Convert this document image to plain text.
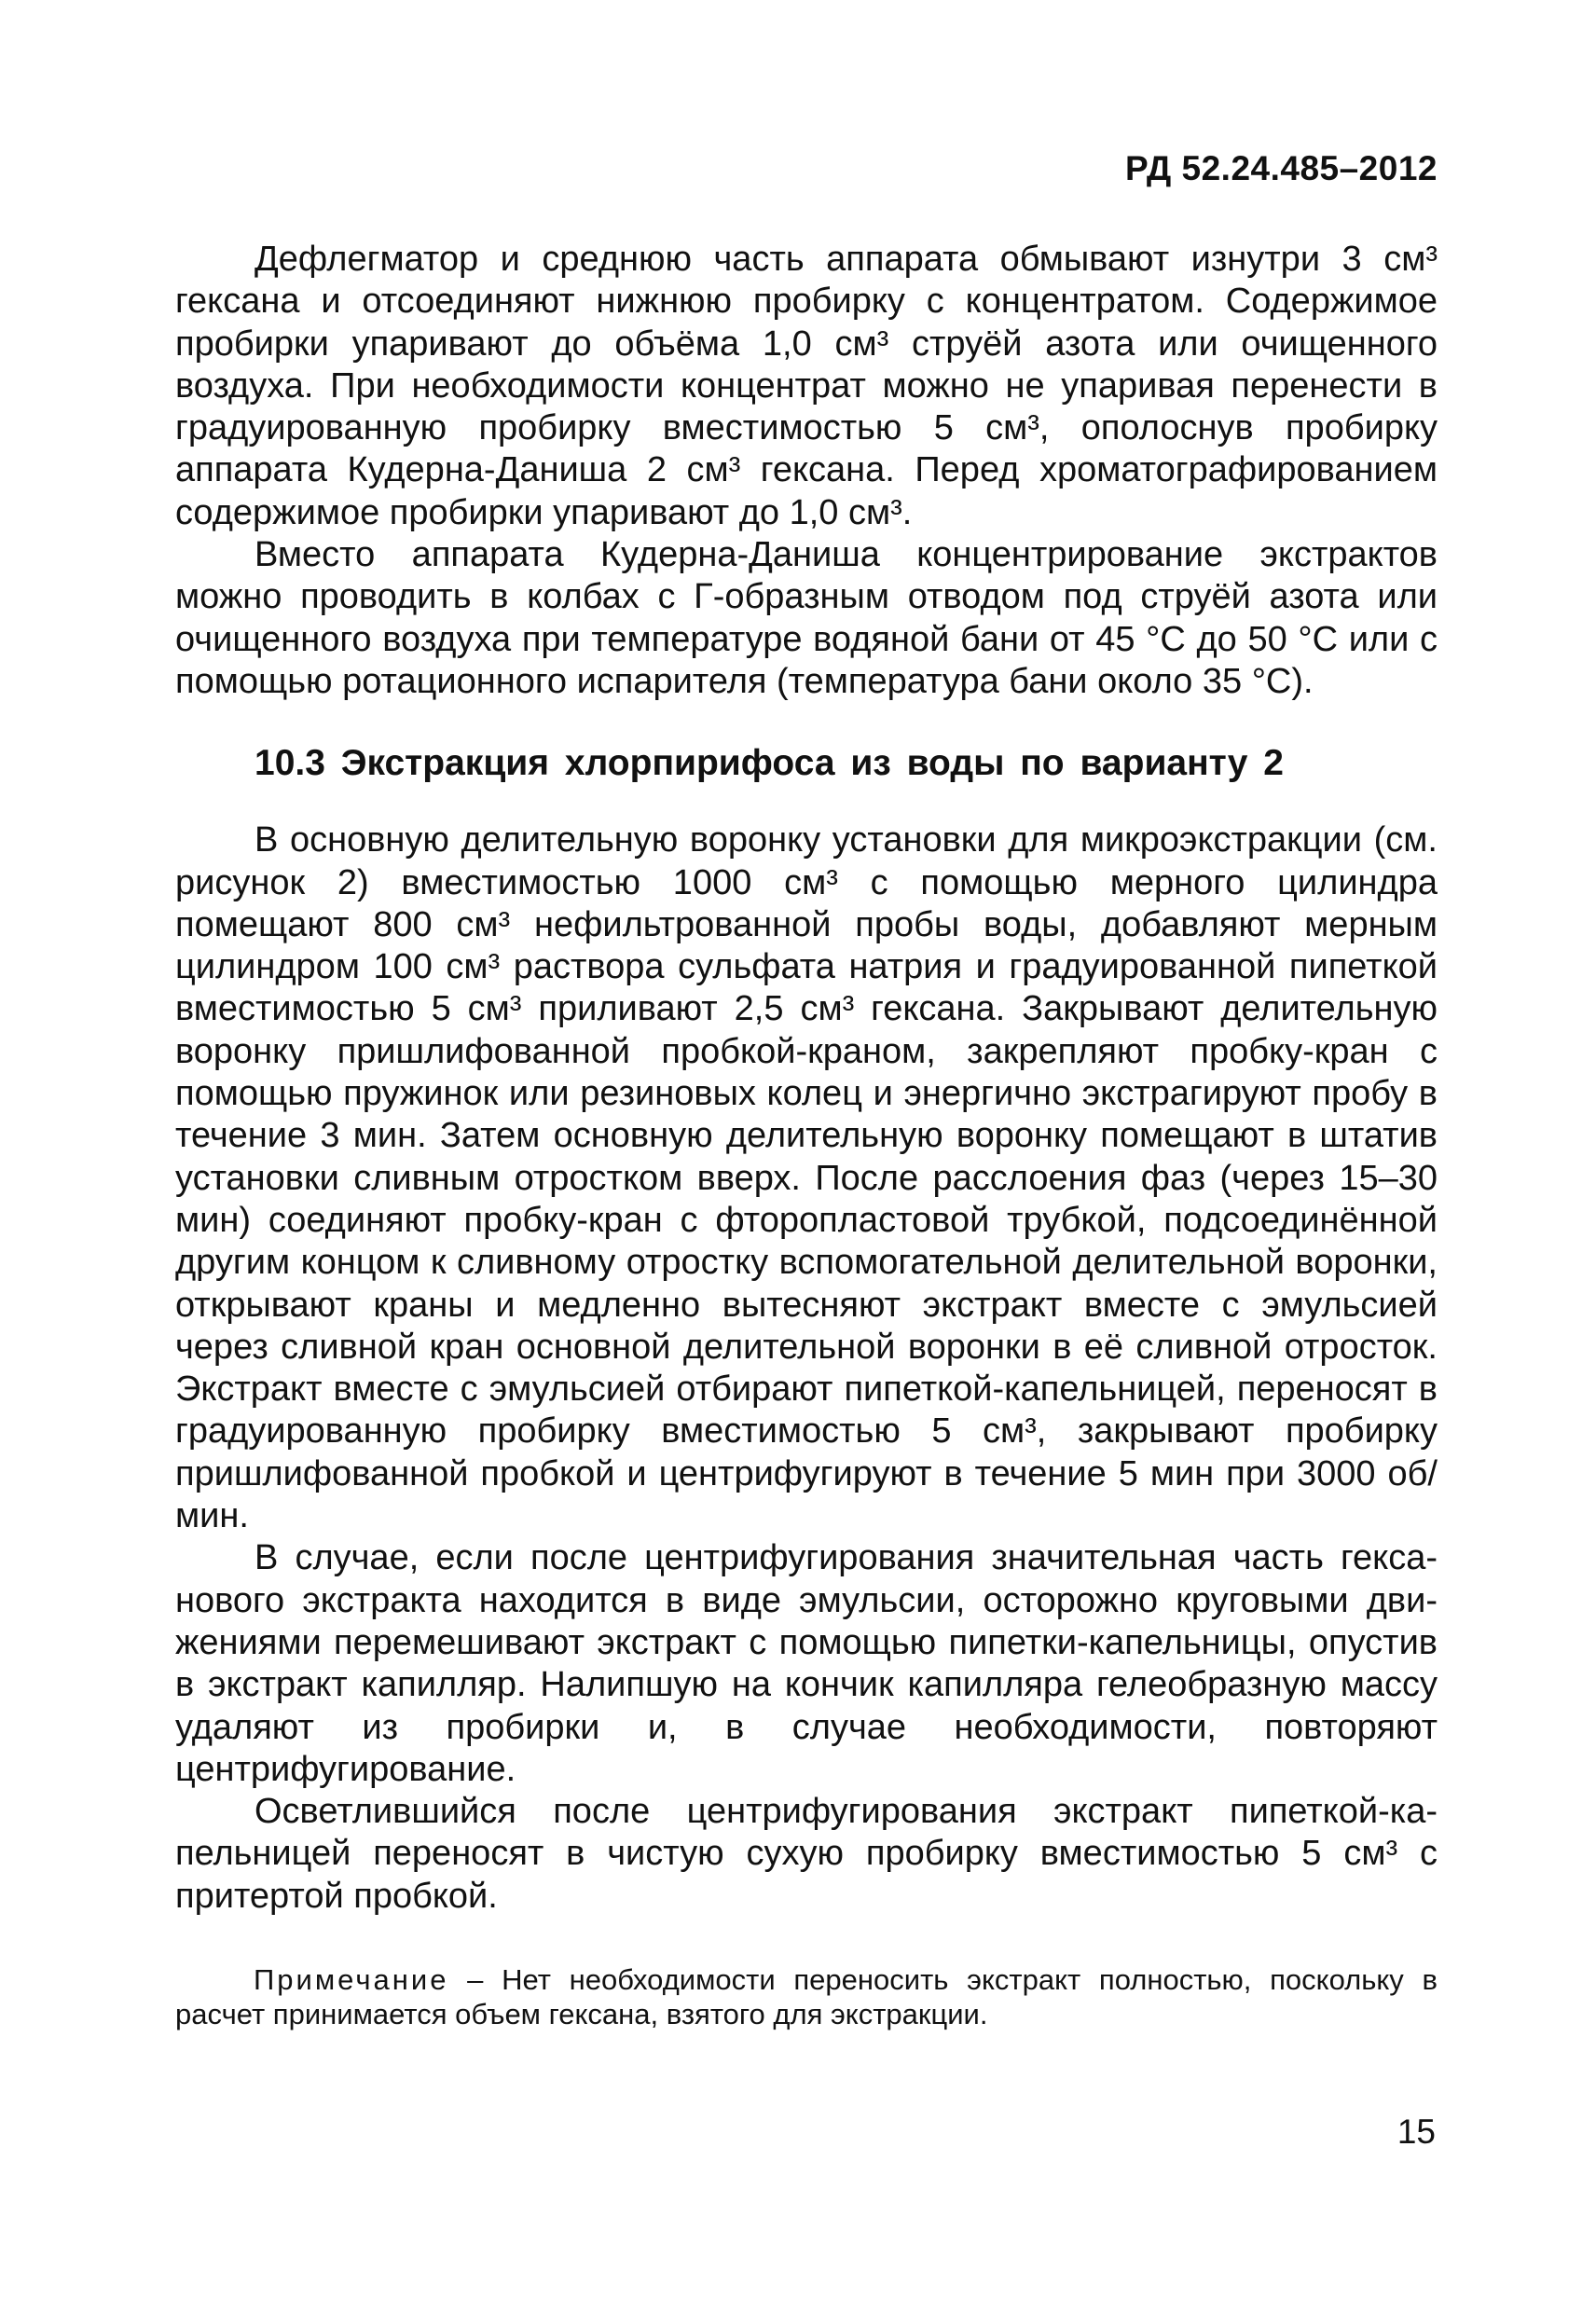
РД 52.24.485–2012

Дефлегматор и среднюю часть аппарата обмывают изнутри 3 см³ гексана и отсоединяют нижнюю пробирку с концентратом. Содержимое пробирки упаривают до объёма 1,0 см³ струёй азота или очищенного воздуха. При необходимости концентрат можно не упаривая перенести в градуированную пробирку вместимостью 5 см³, ополоснув пробирку аппарата Кудерна-Даниша 2 см³ гексана. Перед хроматографированием содержимое пробирки упаривают до 1,0 см³.

Вместо аппарата Кудерна-Даниша концентрирование экстрактов можно проводить в колбах с Г-образным отводом под струёй азота или очищенного воздуха при температуре водяной бани от 45 °C до 50 °C или с помощью ротационного испарителя (температура бани около 35 °C).

10.3 Экстракция хлорпирифоса из воды по варианту 2

В основную делительную воронку установки для микроэкстракции (см. рисунок 2) вместимостью 1000 см³ с помощью мерного цилиндра помещают 800 см³ нефильтрованной пробы воды, добавляют мерным цилиндром 100 см³ раствора сульфата натрия и градуированной пипеткой вместимостью 5 см³ приливают 2,5 см³ гексана. Закрывают делительную воронку пришлифованной пробкой-краном, закрепляют пробку-кран с помощью пружинок или резиновых колец и энергично экстрагируют пробу в течение 3 мин. Затем основную делительную воронку помещают в штатив установки сливным отростком вверх. После расслоения фаз (через 15–30 мин) соединяют пробку-кран с фторопластовой трубкой, подсоединённой другим концом к сливному отростку вспомогательной делительной воронки, открывают краны и медленно вытесняют экстракт вместе с эмульсией через сливной кран основной делительной воронки в её сливной отросток. Экстракт вместе с эмульсией отбирают пипеткой-капельницей, переносят в градуированную пробирку вместимостью 5 см³, закрывают пробирку пришлифованной пробкой и центрифугируют в течение 5 мин при 3000 об/мин.

В случае, если после центрифугирования значительная часть гексанового экстракта находится в виде эмульсии, осторожно круговыми движениями перемешивают экстракт с помощью пипетки-капельницы, опустив в экстракт капилляр. Налипшую на кончик капилляра гелеобразную массу удаляют из пробирки и, в случае необходимости, повторяют центрифугирование.

Осветлившийся после центрифугирования экстракт пипеткой-капельницей переносят в чистую сухую пробирку вместимостью 5 см³ с притертой пробкой.

Примечание – Нет необходимости переносить экстракт полностью, поскольку в расчет принимается объем гексана, взятого для экстракции.

15
